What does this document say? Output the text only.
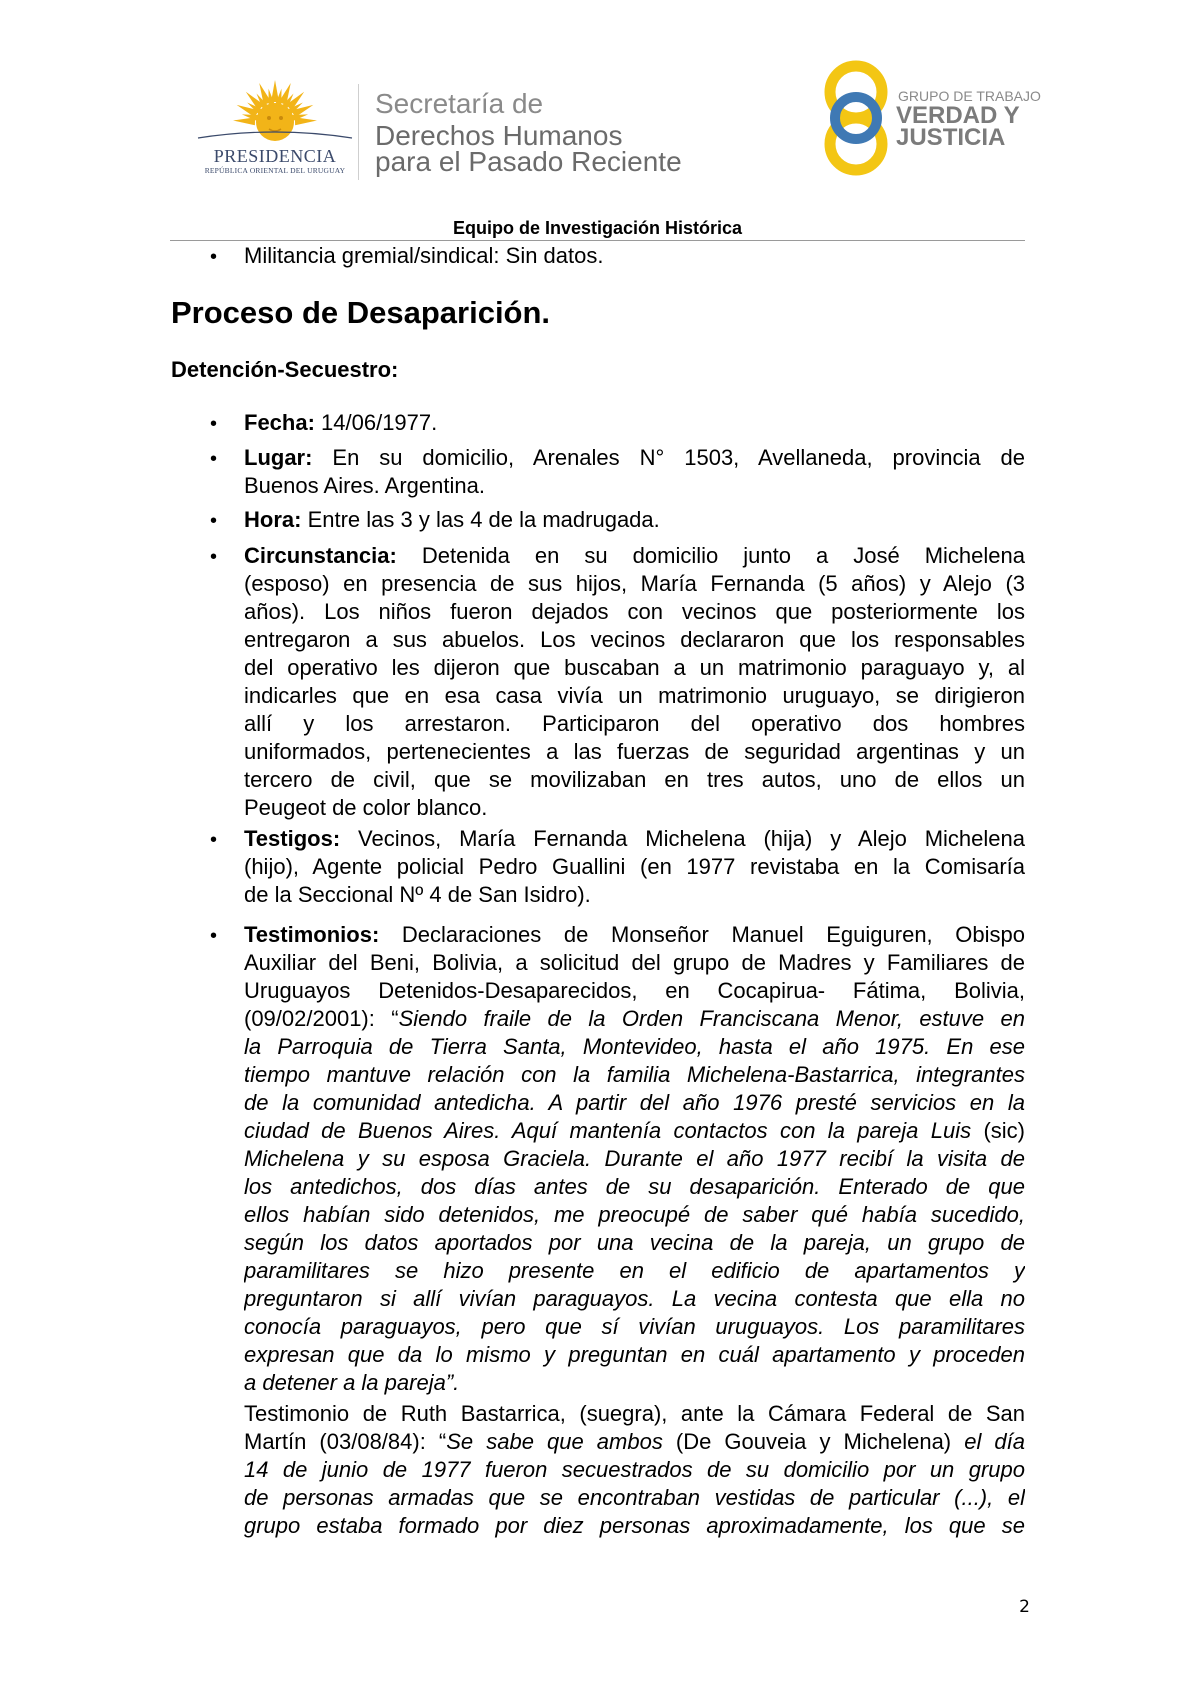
PRESIDENCIA
REPÚBLICA ORIENTAL DEL URUGUAY
Secretaría de
Derechos Humanos
para el Pasado Reciente
GRUPO DE TRABAJO
VERDAD Y
JUSTICIA
Equipo de Investigación Histórica
• Militancia gremial/sindical: Sin datos.
Proceso de Desaparición.
Detención-Secuestro:
• Fecha: 14/06/1977.
• Lugar: En su domicilio, Arenales N° 1503, Avellaneda, provincia de
Buenos Aires. Argentina.
• Hora: Entre las 3 y las 4 de la madrugada.
• Circunstancia: Detenida en su domicilio junto a José Michelena
(esposo) en presencia de sus hijos, María Fernanda (5 años) y Alejo (3
años). Los niños fueron dejados con vecinos que posteriormente los
entregaron a sus abuelos. Los vecinos declararon que los responsables
del operativo les dijeron que buscaban a un matrimonio paraguayo y, al
indicarles que en esa casa vivía un matrimonio uruguayo, se dirigieron
allí y los arrestaron. Participaron del operativo dos hombres
uniformados, pertenecientes a las fuerzas de seguridad argentinas y un
tercero de civil, que se movilizaban en tres autos, uno de ellos un
Peugeot de color blanco.
• Testigos: Vecinos, María Fernanda Michelena (hija) y Alejo Michelena
(hijo), Agente policial Pedro Guallini (en 1977 revistaba en la Comisaría
de la Seccional Nº 4 de San Isidro).
• Testimonios: Declaraciones de Monseñor Manuel Eguiguren, Obispo
Auxiliar del Beni, Bolivia, a solicitud del grupo de Madres y Familiares de
Uruguayos Detenidos-Desaparecidos, en Cocapirua- Fátima, Bolivia,
(09/02/2001): “Siendo fraile de la Orden Franciscana Menor, estuve en
la Parroquia de Tierra Santa, Montevideo, hasta el año 1975. En ese
tiempo mantuve relación con la familia Michelena-Bastarrica, integrantes
de la comunidad antedicha. A partir del año 1976 presté servicios en la
ciudad de Buenos Aires. Aquí mantenía contactos con la pareja Luis (sic)
Michelena y su esposa Graciela. Durante el año 1977 recibí la visita de
los antedichos, dos días antes de su desaparición. Enterado de que
ellos habían sido detenidos, me preocupé de saber qué había sucedido,
según los datos aportados por una vecina de la pareja, un grupo de
paramilitares se hizo presente en el edificio de apartamentos y
preguntaron si allí vivían paraguayos. La vecina contesta que ella no
conocía paraguayos, pero que sí vivían uruguayos. Los paramilitares
expresan que da lo mismo y preguntan en cuál apartamento y proceden
a detener a la pareja”.
Testimonio de Ruth Bastarrica, (suegra), ante la Cámara Federal de San
Martín (03/08/84): “Se sabe que ambos (De Gouveia y Michelena) el día
14 de junio de 1977 fueron secuestrados de su domicilio por un grupo
de personas armadas que se encontraban vestidas de particular (...), el
grupo estaba formado por diez personas aproximadamente, los que se
2
